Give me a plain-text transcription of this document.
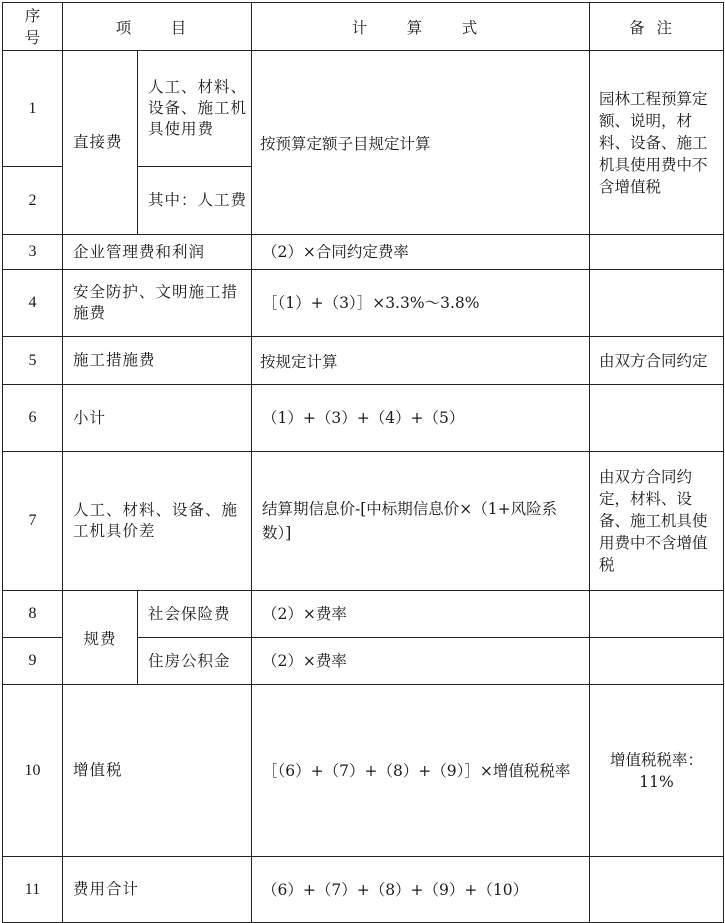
序号	项　目		计　算　式	备注
1	直接费	人工、材料、设备、施工机具使用费	按预算定额子目规定计算	园林工程预算定额、说明，材料、设备、施工机具使用费中不含增值税
2		其中：人工费		
3	企业管理费和利润		（2）×合同约定费率	
4	安全防护、文明施工措施费		［（1）+（3）］×3.3%～3.8%	
5	施工措施费		按规定计算	由双方合同约定
6	小计		（1）+（3）+（4）+（5）	
7	人工、材料、设备、施工机具价差		结算期信息价-[中标期信息价×（1+风险系数）]	由双方合同约定，材料、设备、施工机具使用费中不含增值税
8	规费	社会保险费	（2）×费率	
9		住房公积金	（2）×费率	
10	增值税		［（6）+（7）+（8）+（9）］×增值税税率	增值税税率：11%
11	费用合计		（6）+（7）+（8）+（9）+（10）	
